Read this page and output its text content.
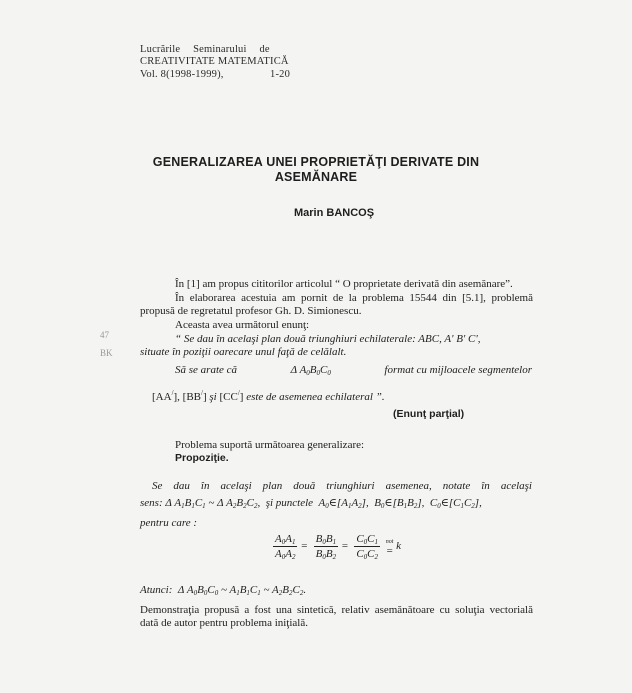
Lucrările Seminarului de
CREATIVITATE MATEMATICĂ
Vol. 8(1998-1999),	1-20
GENERALIZAREA UNEI PROPRIETĂŢI DERIVATE DIN
ASEMĂNARE
Marin BANCOŞ
47
BK
În [1] am propus cititorilor articolul “ O proprietate derivată din asemănare”.
În elaborarea acestuia am pornit de la problema 15544 din [5.1], problemă
propusă de regretatul profesor Gh. D. Simionescu.
Aceasta avea următorul enunţ:
“ Se dau în acelaşi plan două triunghiuri echilaterale: ABC, A' B' C',
situate în poziţii oarecare unul faţă de celălalt.
Să se arate că	Δ $A_0B_0C_0$	format cu mijloacele segmentelor
[AA/], [BB/] şi [CC/] este de asemenea echilateral ”.
(Enunţ parţial)
Problema suportă următoarea generalizare:
Propoziţie.
Se dau în acelaşi plan două triunghiuri asemenea, notate în acelaşi
sens: Δ $A_1B_1C_1$ ~ Δ $A_2B_2C_2$,  şi punctele  $A_0\in[A_1A_2]$,  $B_0\in[B_1B_2]$,  $C_0\in[C_1C_2]$,
pentru care :
$\frac{A_0A_1}{A_0A_2} = \frac{B_0B_1}{B_0B_2} = \frac{C_0C_1}{C_0C_2}$
not
= k
Atunci:  Δ $A_0B_0C_0$ ~ $A_1B_1C_1$ ~ $A_2B_2C_2$.
Demonstraţia propusă a fost una sintetică, relativ asemănătoare cu soluţia vectorială
dată de autor pentru problema iniţială.
